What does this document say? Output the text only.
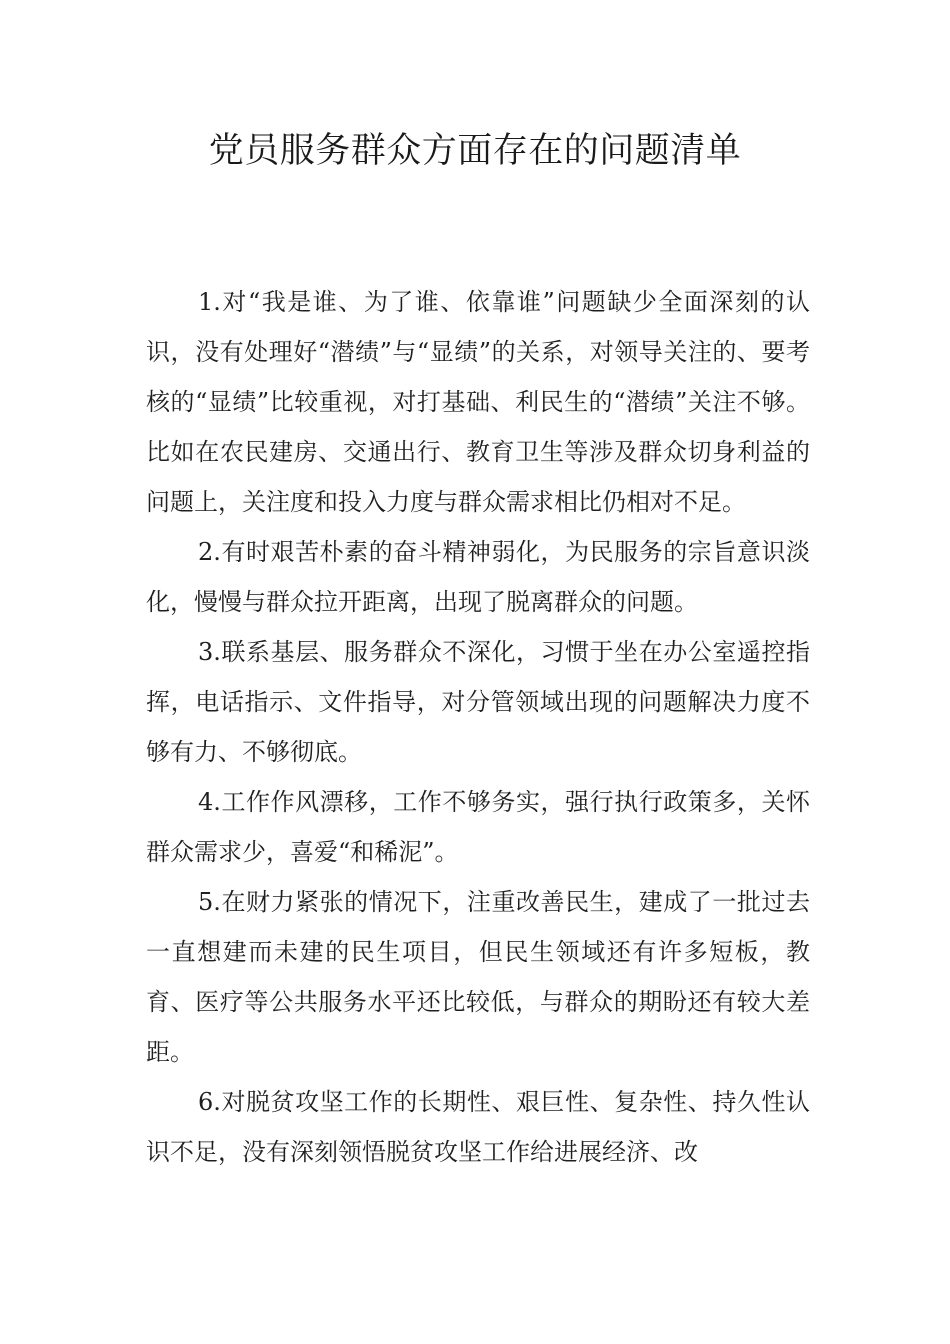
党员服务群众方面存在的问题清单

1.对“我是谁、为了谁、依靠谁”问题缺少全面深刻的认识，没有处理好“潜绩”与“显绩”的关系，对领导关注的、要考核的“显绩”比较重视，对打基础、利民生的“潜绩”关注不够。比如在农民建房、交通出行、教育卫生等涉及群众切身利益的问题上，关注度和投入力度与群众需求相比仍相对不足。

2.有时艰苦朴素的奋斗精神弱化，为民服务的宗旨意识淡化，慢慢与群众拉开距离，出现了脱离群众的问题。

3.联系基层、服务群众不深化，习惯于坐在办公室遥控指挥，电话指示、文件指导，对分管领域出现的问题解决力度不够有力、不够彻底。

4.工作作风漂移，工作不够务实，强行执行政策多，关怀群众需求少，喜爱“和稀泥”。

5.在财力紧张的情况下，注重改善民生，建成了一批过去一直想建而未建的民生项目，但民生领域还有许多短板，教育、医疗等公共服务水平还比较低，与群众的期盼还有较大差距。

6.对脱贫攻坚工作的长期性、艰巨性、复杂性、持久性认识不足，没有深刻领悟脱贫攻坚工作给进展经济、改
